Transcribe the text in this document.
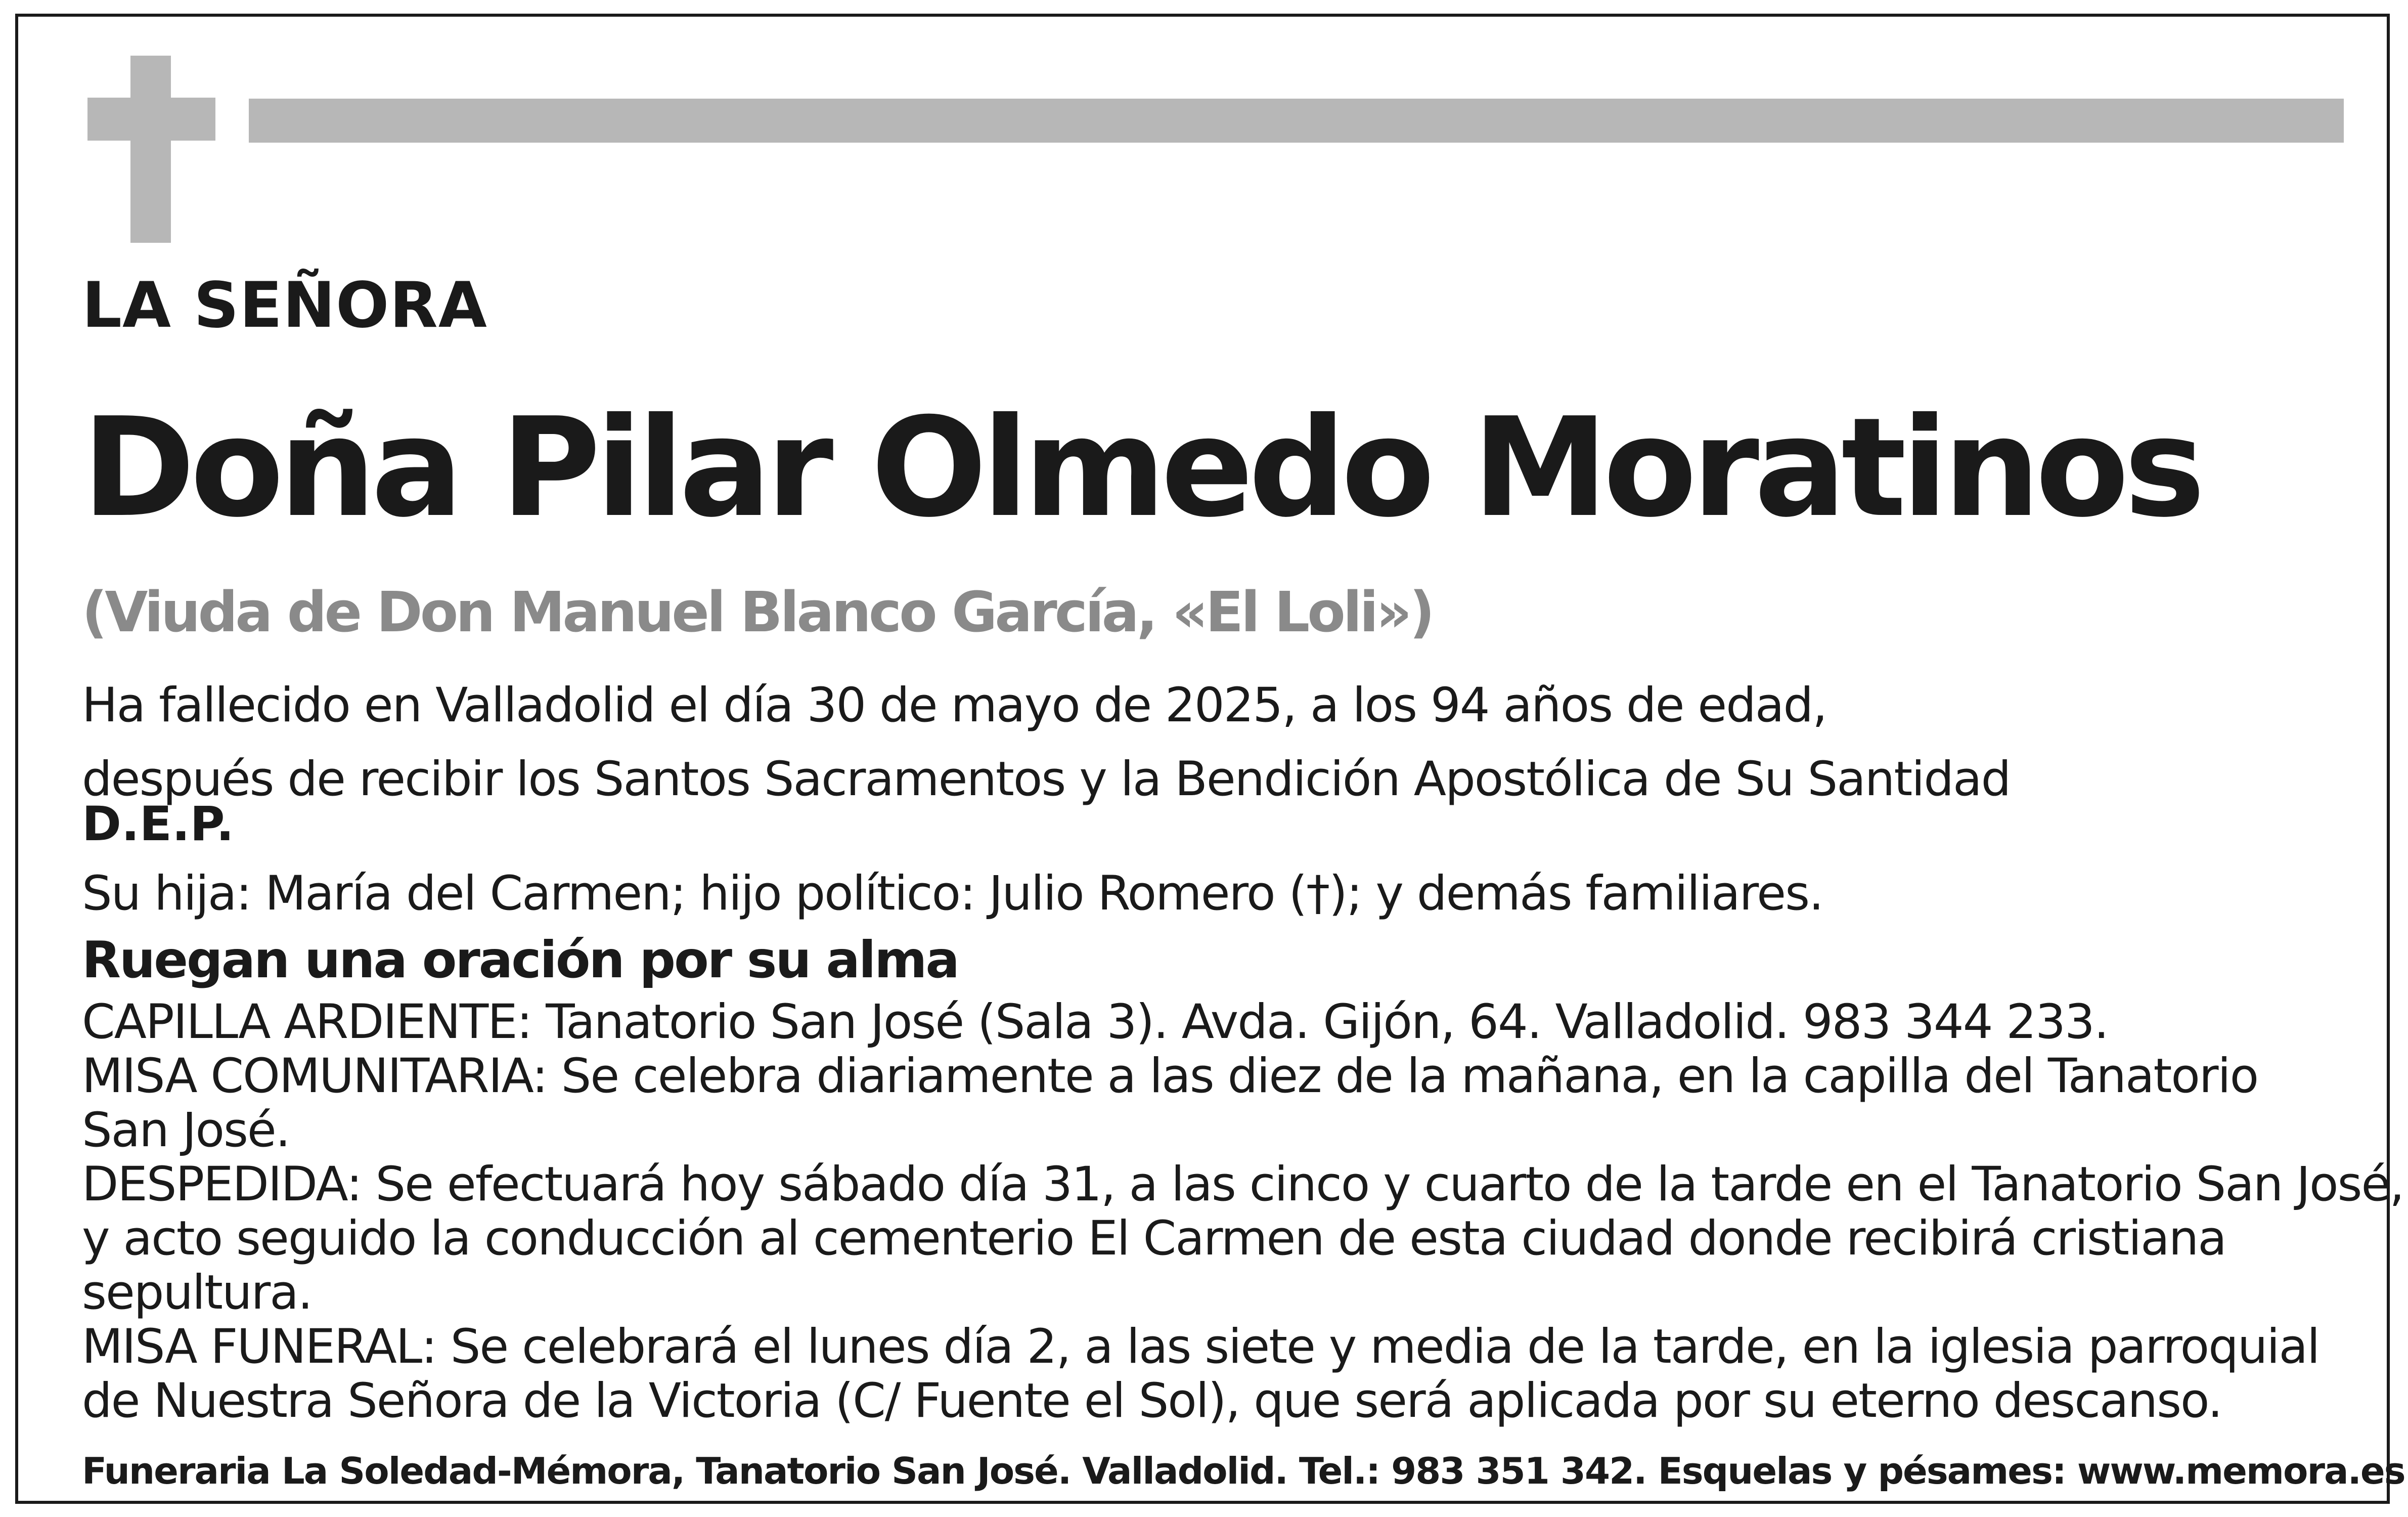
LA SEÑORA
Doña Pilar Olmedo Moratinos
(Viuda de Don Manuel Blanco García, «El Loli»)
Ha fallecido en Valladolid el día 30 de mayo de 2025, a los 94 años de edad,
después de recibir los Santos Sacramentos y la Bendición Apostólica de Su Santidad
D.E.P.
Su hija: María del Carmen; hijo político: Julio Romero (†); y demás familiares.
Ruegan una oración por su alma
CAPILLA ARDIENTE: Tanatorio San José (Sala 3). Avda. Gijón, 64. Valladolid. 983 344 233.
MISA COMUNITARIA: Se celebra diariamente a las diez de la mañana, en la capilla del Tanatorio
San José.
DESPEDIDA: Se efectuará hoy sábado día 31, a las cinco y cuarto de la tarde en el Tanatorio San José,
y acto seguido la conducción al cementerio El Carmen de esta ciudad donde recibirá cristiana
sepultura.
MISA FUNERAL: Se celebrará el lunes día 2, a las siete y media de la tarde, en la iglesia parroquial
de Nuestra Señora de la Victoria (C/ Fuente el Sol), que será aplicada por su eterno descanso.
Funeraria La Soledad-Mémora, Tanatorio San José. Valladolid. Tel.: 983 351 342. Esquelas y pésames: www.memora.es
